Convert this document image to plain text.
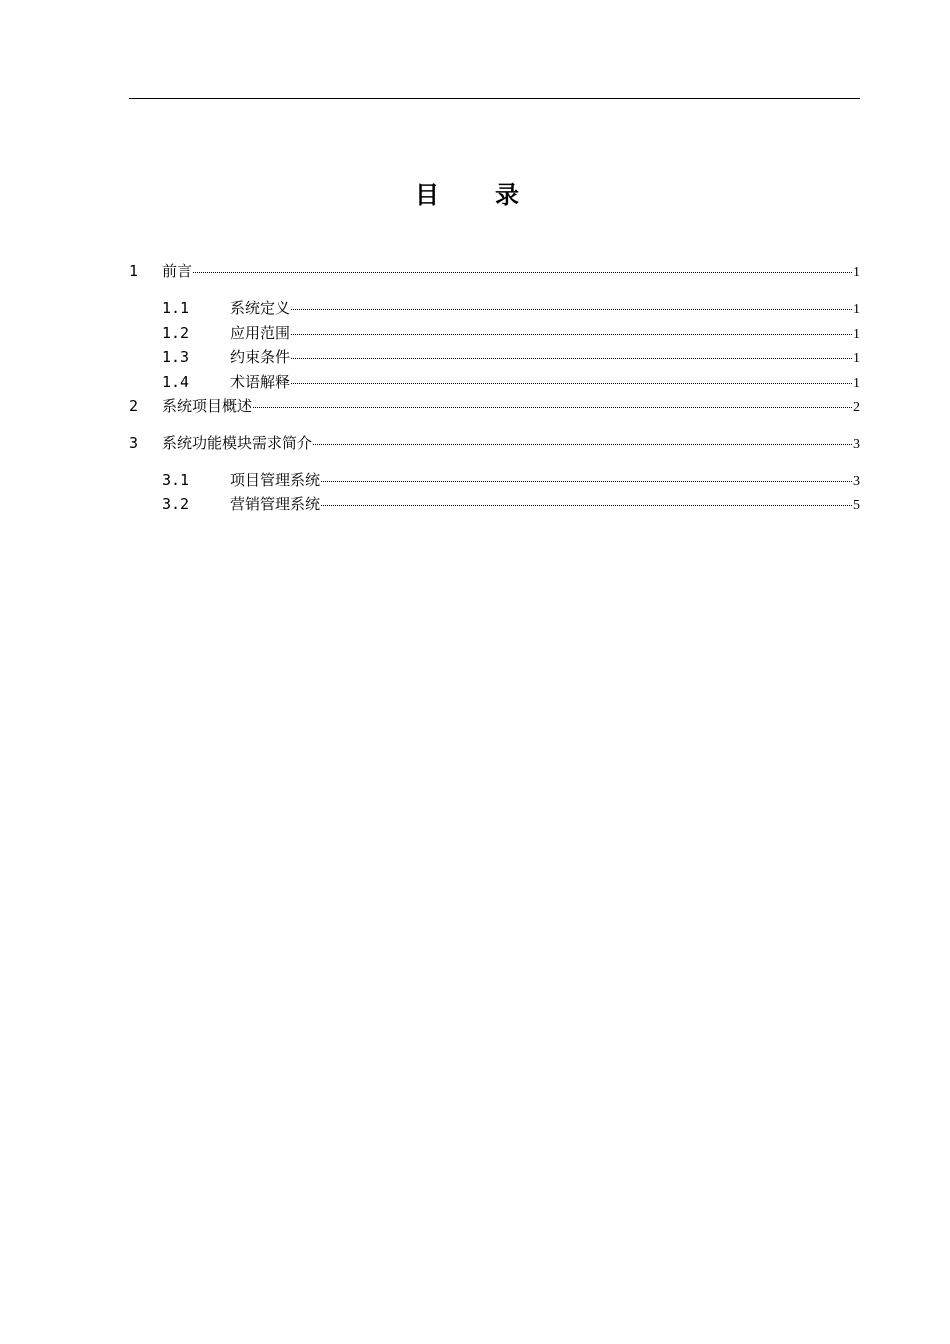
目录
1	前言	1
1.1	系统定义	1
1.2	应用范围	1
1.3	约束条件	1
1.4	术语解释	1
2	系统项目概述	2
3	系统功能模块需求简介	3
3.1	项目管理系统	3
3.2	营销管理系统	5
